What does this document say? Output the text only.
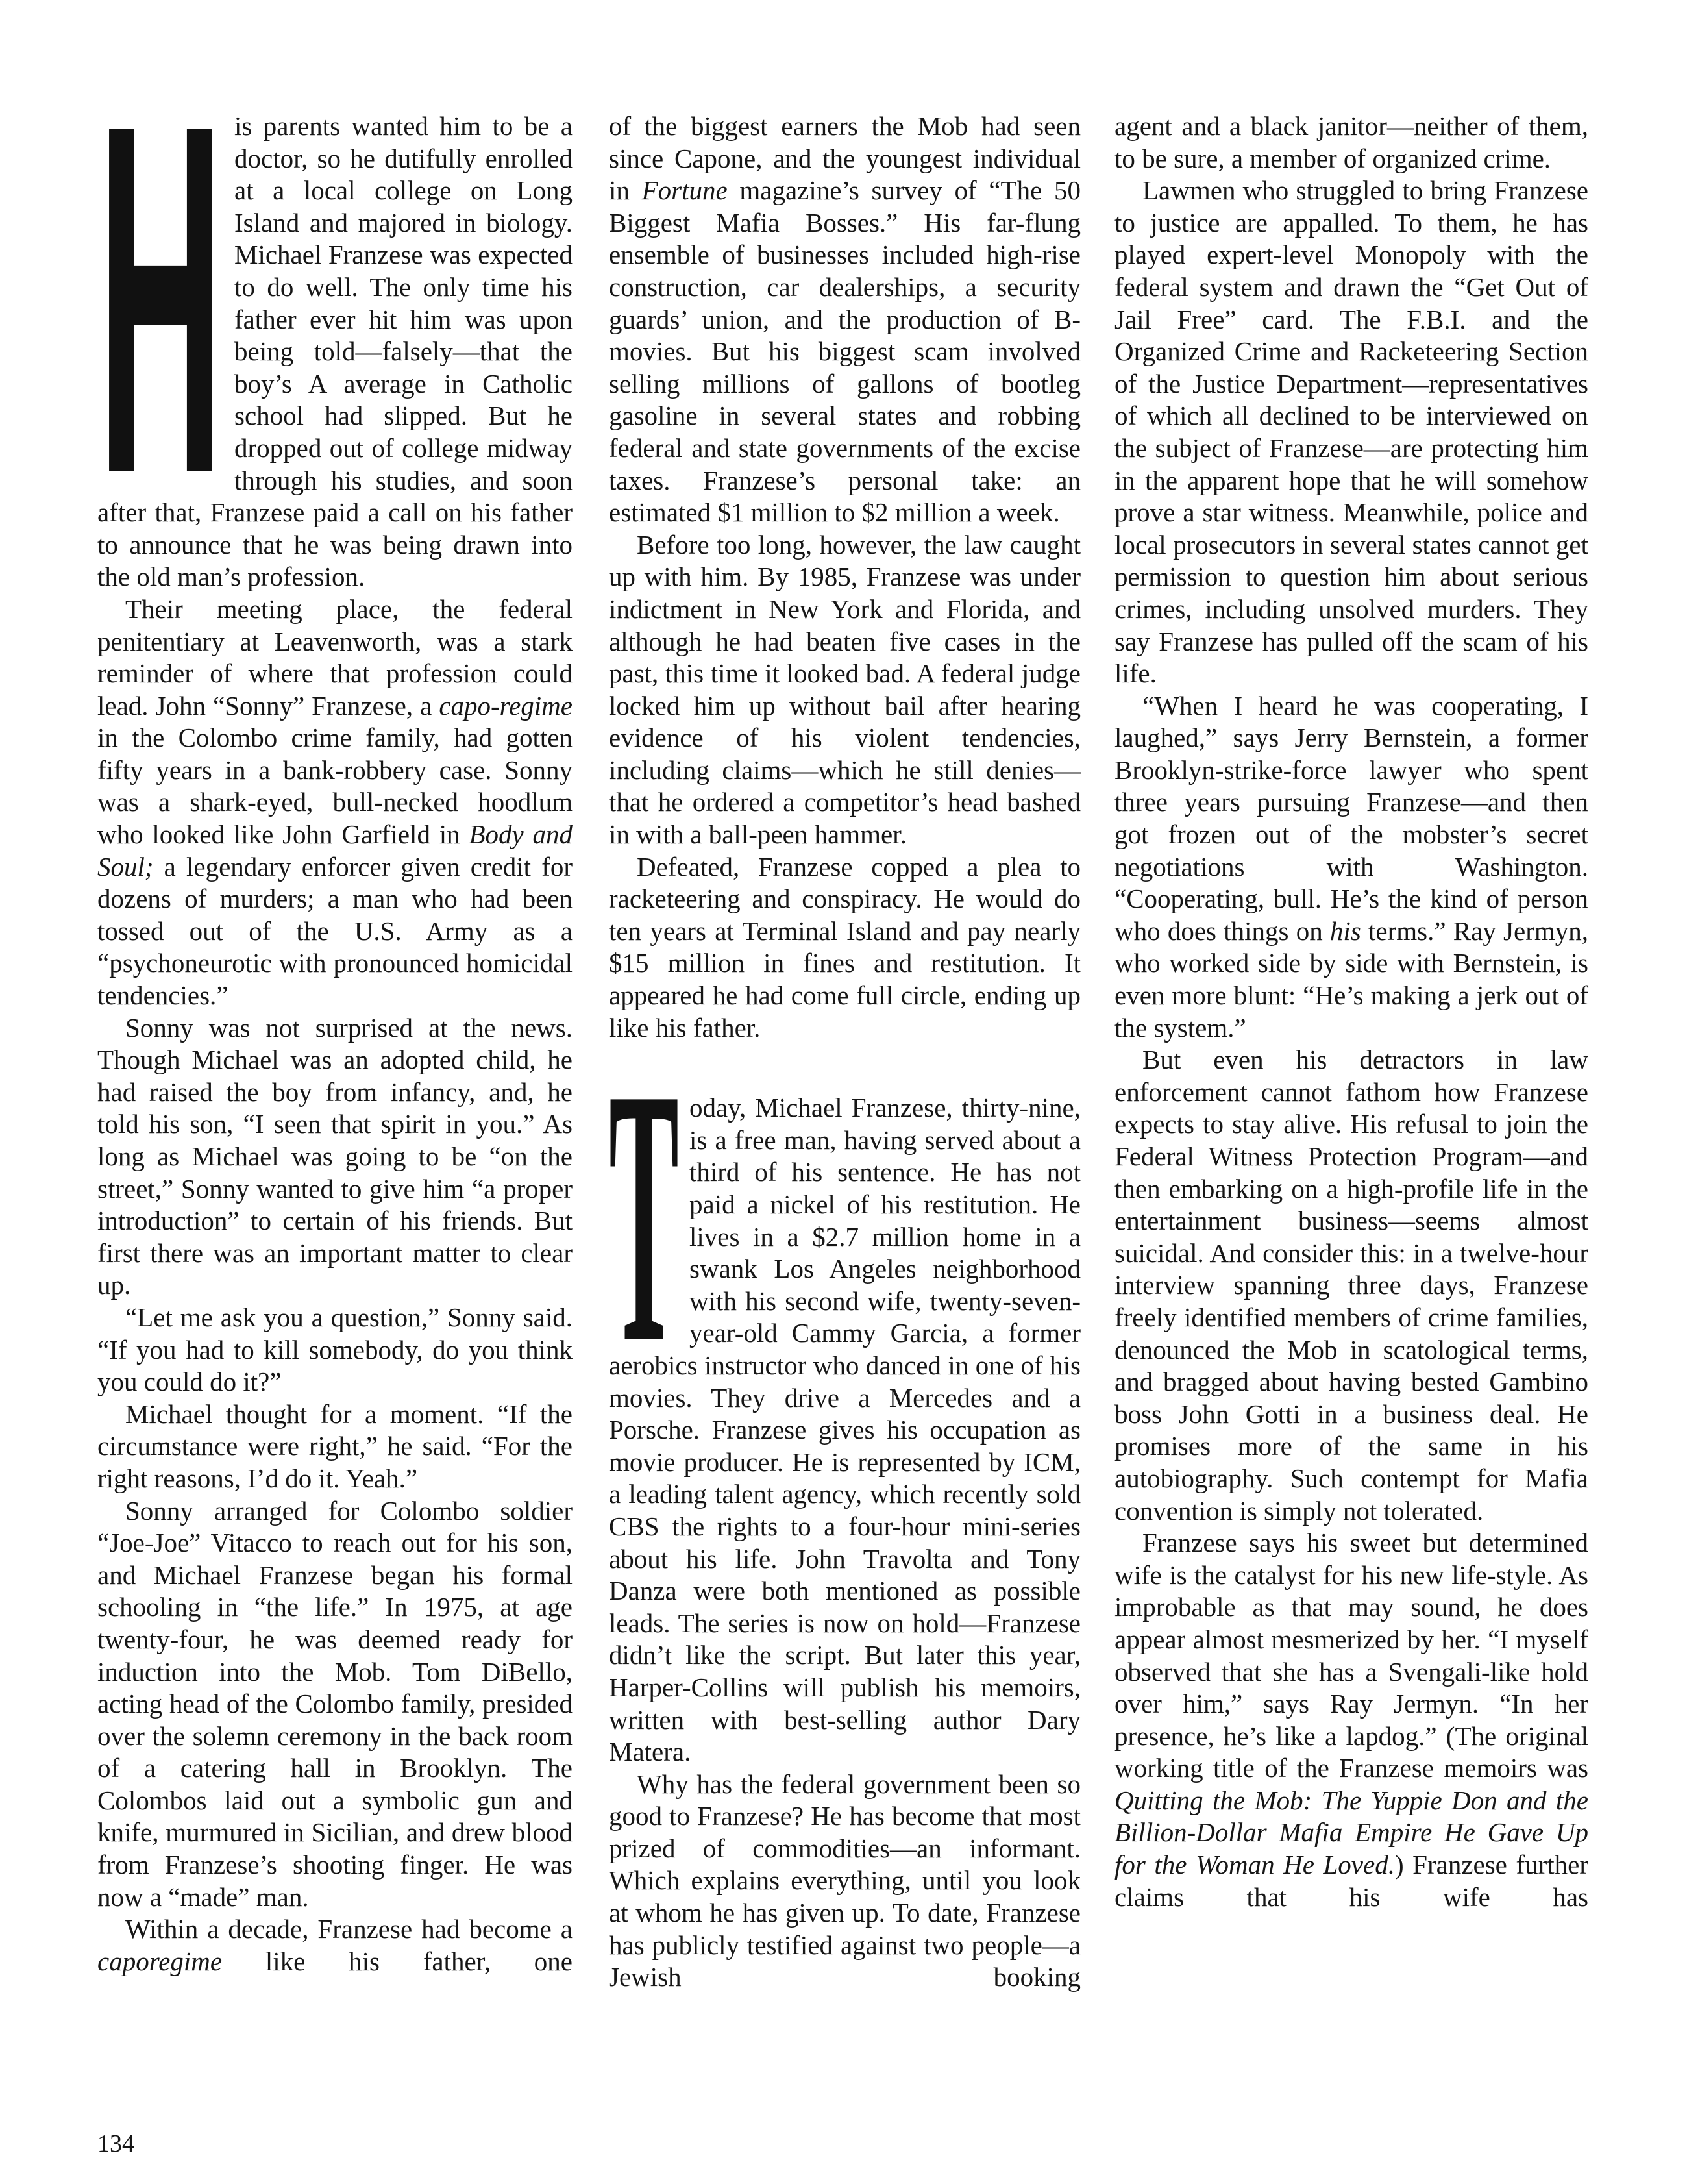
H is parents wanted him to be a doctor, so he dutifully enrolled at a local college on Long Island and majored in biology. Michael Franzese was expected to do well. The only time his father ever hit him was upon being told—falsely—that the boy’s A average in Catholic school had slipped. But he dropped out of college midway through his studies, and soon after that, Franzese paid a call on his father to announce that he was being drawn into the old man’s profession.

Their meeting place, the federal penitentiary at Leavenworth, was a stark reminder of where that profession could lead. John “Sonny” Franzese, a capo-regime in the Colombo crime family, had gotten fifty years in a bank-robbery case. Sonny was a shark-eyed, bull-necked hoodlum who looked like John Garfield in Body and Soul; a legendary enforcer given credit for dozens of murders; a man who had been tossed out of the U.S. Army as a “psychoneurotic with pronounced homicidal tendencies.”

Sonny was not surprised at the news. Though Michael was an adopted child, he had raised the boy from infancy, and, he told his son, “I seen that spirit in you.” As long as Michael was going to be “on the street,” Sonny wanted to give him “a proper introduction” to certain of his friends. But first there was an important matter to clear up.

“Let me ask you a question,” Sonny said. “If you had to kill somebody, do you think you could do it?”

Michael thought for a moment. “If the circumstance were right,” he said. “For the right reasons, I’d do it. Yeah.”

Sonny arranged for Colombo soldier “Joe-Joe” Vitacco to reach out for his son, and Michael Franzese began his formal schooling in “the life.” In 1975, at age twenty-four, he was deemed ready for induction into the Mob. Tom DiBello, acting head of the Colombo family, presided over the solemn ceremony in the back room of a catering hall in Brooklyn. The Colombos laid out a symbolic gun and knife, murmured in Sicilian, and drew blood from Franzese’s shooting finger. He was now a “made” man.

Within a decade, Franzese had become a caporegime like his father, one

of the biggest earners the Mob had seen since Capone, and the youngest individual in Fortune magazine’s survey of “The 50 Biggest Mafia Bosses.” His far-flung ensemble of businesses included high-rise construction, car dealerships, a security guards’ union, and the production of B-movies. But his biggest scam involved selling millions of gallons of bootleg gasoline in several states and robbing federal and state governments of the excise taxes. Franzese’s personal take: an estimated $1 million to $2 million a week.

Before too long, however, the law caught up with him. By 1985, Franzese was under indictment in New York and Florida, and although he had beaten five cases in the past, this time it looked bad. A federal judge locked him up without bail after hearing evidence of his violent tendencies, including claims—which he still denies—that he ordered a competitor’s head bashed in with a ball-peen hammer.

Defeated, Franzese copped a plea to racketeering and conspiracy. He would do ten years at Terminal Island and pay nearly $15 million in fines and restitution. It appeared he had come full circle, ending up like his father.

T oday, Michael Franzese, thirty-nine, is a free man, having served about a third of his sentence. He has not paid a nickel of his restitution. He lives in a $2.7 million home in a swank Los Angeles neighborhood with his second wife, twenty-seven-year-old Cammy Garcia, a former aerobics instructor who danced in one of his movies. They drive a Mercedes and a Porsche. Franzese gives his occupation as movie producer. He is represented by ICM, a leading talent agency, which recently sold CBS the rights to a four-hour mini-series about his life. John Travolta and Tony Danza were both mentioned as possible leads. The series is now on hold—Franzese didn’t like the script. But later this year, Harper-Collins will publish his memoirs, written with best-selling author Dary Matera.

Why has the federal government been so good to Franzese? He has become that most prized of commodities—an informant. Which explains everything, until you look at whom he has given up. To date, Franzese has publicly testified against two people—a Jewish booking

agent and a black janitor—neither of them, to be sure, a member of organized crime.

Lawmen who struggled to bring Franzese to justice are appalled. To them, he has played expert-level Monopoly with the federal system and drawn the “Get Out of Jail Free” card. The F.B.I. and the Organized Crime and Racketeering Section of the Justice Department—representatives of which all declined to be interviewed on the subject of Franzese—are protecting him in the apparent hope that he will somehow prove a star witness. Meanwhile, police and local prosecutors in several states cannot get permission to question him about serious crimes, including unsolved murders. They say Franzese has pulled off the scam of his life.

“When I heard he was cooperating, I laughed,” says Jerry Bernstein, a former Brooklyn-strike-force lawyer who spent three years pursuing Franzese—and then got frozen out of the mobster’s secret negotiations with Washington. “Cooperating, bull. He’s the kind of person who does things on his terms.” Ray Jermyn, who worked side by side with Bernstein, is even more blunt: “He’s making a jerk out of the system.”

But even his detractors in law enforcement cannot fathom how Franzese expects to stay alive. His refusal to join the Federal Witness Protection Program—and then embarking on a high-profile life in the entertainment business—seems almost suicidal. And consider this: in a twelve-hour interview spanning three days, Franzese freely identified members of crime families, denounced the Mob in scatological terms, and bragged about having bested Gambino boss John Gotti in a business deal. He promises more of the same in his autobiography. Such contempt for Mafia convention is simply not tolerated.

Franzese says his sweet but determined wife is the catalyst for his new life-style. As improbable as that may sound, he does appear almost mesmerized by her. “I myself observed that she has a Svengali-like hold over him,” says Ray Jermyn. “In her presence, he’s like a lapdog.” (The original working title of the Franzese memoirs was Quitting the Mob: The Yuppie Don and the Billion-Dollar Mafia Empire He Gave Up for the Woman He Loved.) Franzese further claims that his wife has

134
